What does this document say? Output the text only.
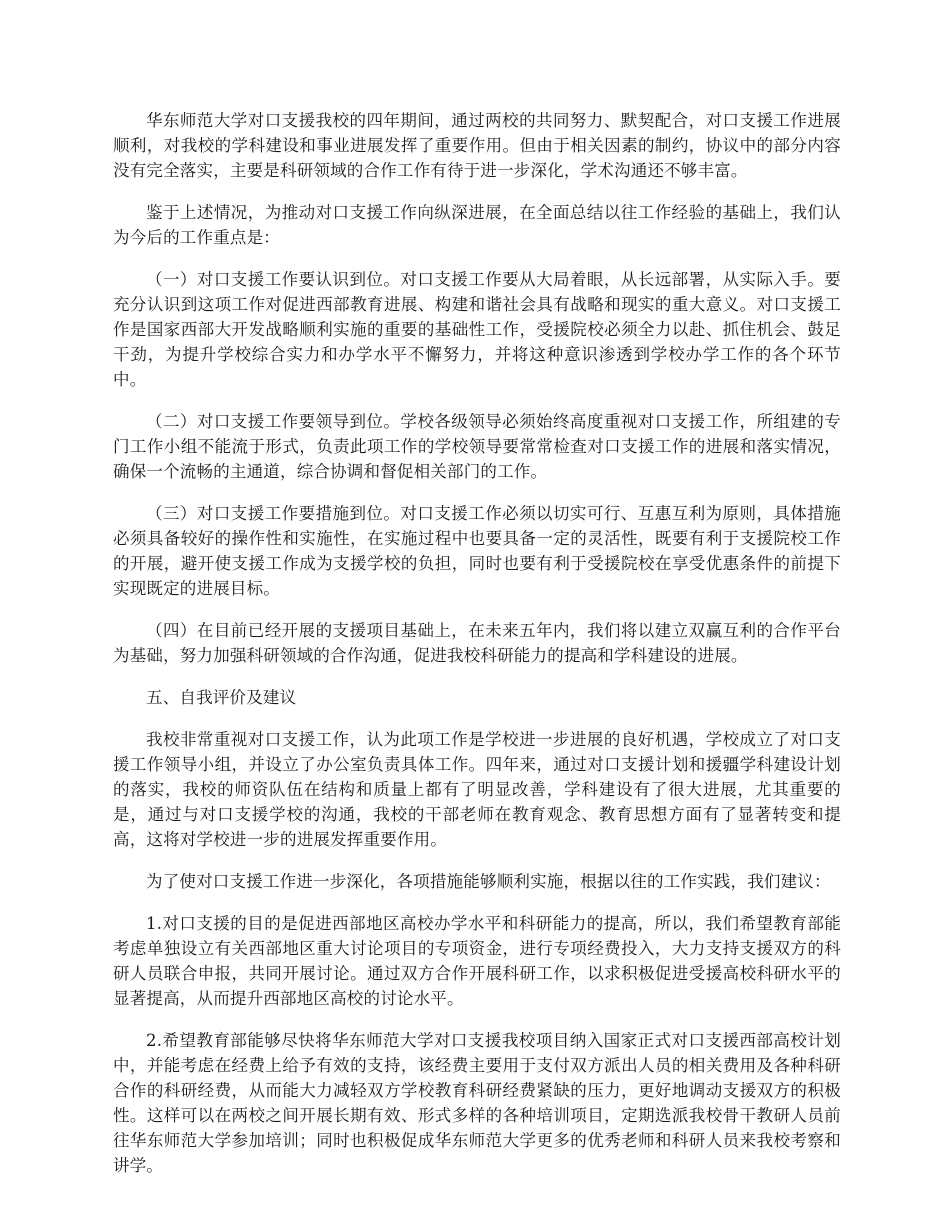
华东师范大学对口支援我校的四年期间，通过两校的共同努力、默契配合，对口支援工作进展顺利，对我校的学科建设和事业进展发挥了重要作用。但由于相关因素的制约，协议中的部分内容没有完全落实，主要是科研领域的合作工作有待于进一步深化，学术沟通还不够丰富。

鉴于上述情况，为推动对口支援工作向纵深进展，在全面总结以往工作经验的基础上，我们认为今后的工作重点是：

（一）对口支援工作要认识到位。对口支援工作要从大局着眼，从长远部署，从实际入手。要充分认识到这项工作对促进西部教育进展、构建和谐社会具有战略和现实的重大意义。对口支援工作是国家西部大开发战略顺利实施的重要的基础性工作，受援院校必须全力以赴、抓住机会、鼓足干劲，为提升学校综合实力和办学水平不懈努力，并将这种意识渗透到学校办学工作的各个环节中。

（二）对口支援工作要领导到位。学校各级领导必须始终高度重视对口支援工作，所组建的专门工作小组不能流于形式，负责此项工作的学校领导要常常检查对口支援工作的进展和落实情况，确保一个流畅的主通道，综合协调和督促相关部门的工作。

（三）对口支援工作要措施到位。对口支援工作必须以切实可行、互惠互利为原则，具体措施必须具备较好的操作性和实施性，在实施过程中也要具备一定的灵活性，既要有利于支援院校工作的开展，避开使支援工作成为支援学校的负担，同时也要有利于受援院校在享受优惠条件的前提下实现既定的进展目标。

（四）在目前已经开展的支援项目基础上，在未来五年内，我们将以建立双赢互利的合作平台为基础，努力加强科研领域的合作沟通，促进我校科研能力的提高和学科建设的进展。

五、自我评价及建议

我校非常重视对口支援工作，认为此项工作是学校进一步进展的良好机遇，学校成立了对口支援工作领导小组，并设立了办公室负责具体工作。四年来，通过对口支援计划和援疆学科建设计划的落实，我校的师资队伍在结构和质量上都有了明显改善，学科建设有了很大进展，尤其重要的是，通过与对口支援学校的沟通，我校的干部老师在教育观念、教育思想方面有了显著转变和提高，这将对学校进一步的进展发挥重要作用。

为了使对口支援工作进一步深化，各项措施能够顺利实施，根据以往的工作实践，我们建议：

1.对口支援的目的是促进西部地区高校办学水平和科研能力的提高，所以，我们希望教育部能考虑单独设立有关西部地区重大讨论项目的专项资金，进行专项经费投入，大力支持支援双方的科研人员联合申报，共同开展讨论。通过双方合作开展科研工作，以求积极促进受援高校科研水平的显著提高，从而提升西部地区高校的讨论水平。

2.希望教育部能够尽快将华东师范大学对口支援我校项目纳入国家正式对口支援西部高校计划中，并能考虑在经费上给予有效的支持，该经费主要用于支付双方派出人员的相关费用及各种科研合作的科研经费，从而能大力减轻双方学校教育科研经费紧缺的压力，更好地调动支援双方的积极性。这样可以在两校之间开展长期有效、形式多样的各种培训项目，定期选派我校骨干教研人员前往华东师范大学参加培训；同时也积极促成华东师范大学更多的优秀老师和科研人员来我校考察和讲学。
